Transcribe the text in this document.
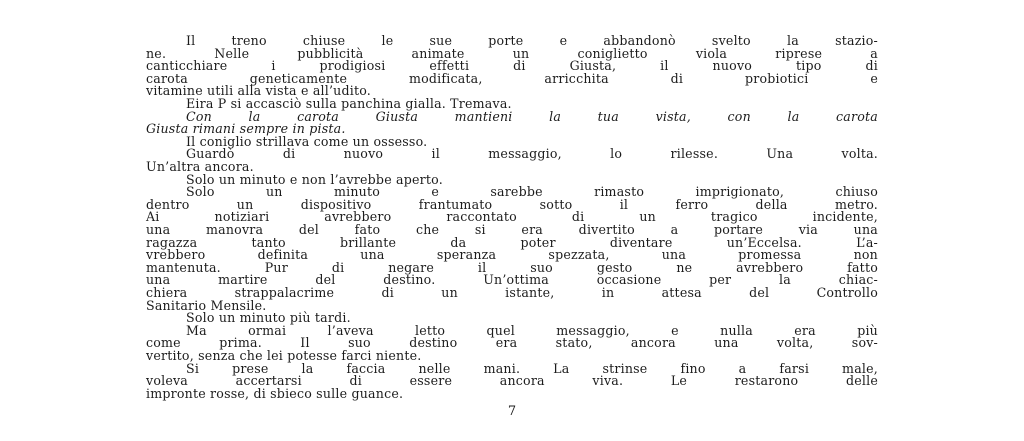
Il treno chiuse le sue porte e abbandonò svelto la stazio-
ne. Nelle pubblicità animate un coniglietto viola riprese a
canticchiare i prodigiosi effetti di Giusta, il nuovo tipo di
carota geneticamente modificata, arricchita di probiotici e
vitamine utili alla vista e all’udito.
Eira P si accasciò sulla panchina gialla. Tremava.
Con la carota Giusta mantieni la tua vista, con la carota
Giusta rimani sempre in pista.
Il coniglio strillava come un ossesso.
Guardò di nuovo il messaggio, lo rilesse. Una volta.
Un’altra ancora.
Solo un minuto e non l’avrebbe aperto.
Solo un minuto e sarebbe rimasto imprigionato, chiuso
dentro un dispositivo frantumato sotto il ferro della metro.
Ai notiziari avrebbero raccontato di un tragico incidente,
una manovra del fato che si era divertito a portare via una
ragazza tanto brillante da poter diventare un’Eccelsa. L’a-
vrebbero definita una speranza spezzata, una promessa non
mantenuta. Pur di negare il suo gesto ne avrebbero fatto
una martire del destino. Un’ottima occasione per la chiac-
chiera strappalacrime di un istante, in attesa del Controllo
Sanitario Mensile.
Solo un minuto più tardi.
Ma ormai l’aveva letto quel messaggio, e nulla era più
come prima. Il suo destino era stato, ancora una volta, sov-
vertito, senza che lei potesse farci niente.
Si prese la faccia nelle mani. La strinse fino a farsi male,
voleva accertarsi di essere ancora viva. Le restarono delle
impronte rosse, di sbieco sulle guance.
7
